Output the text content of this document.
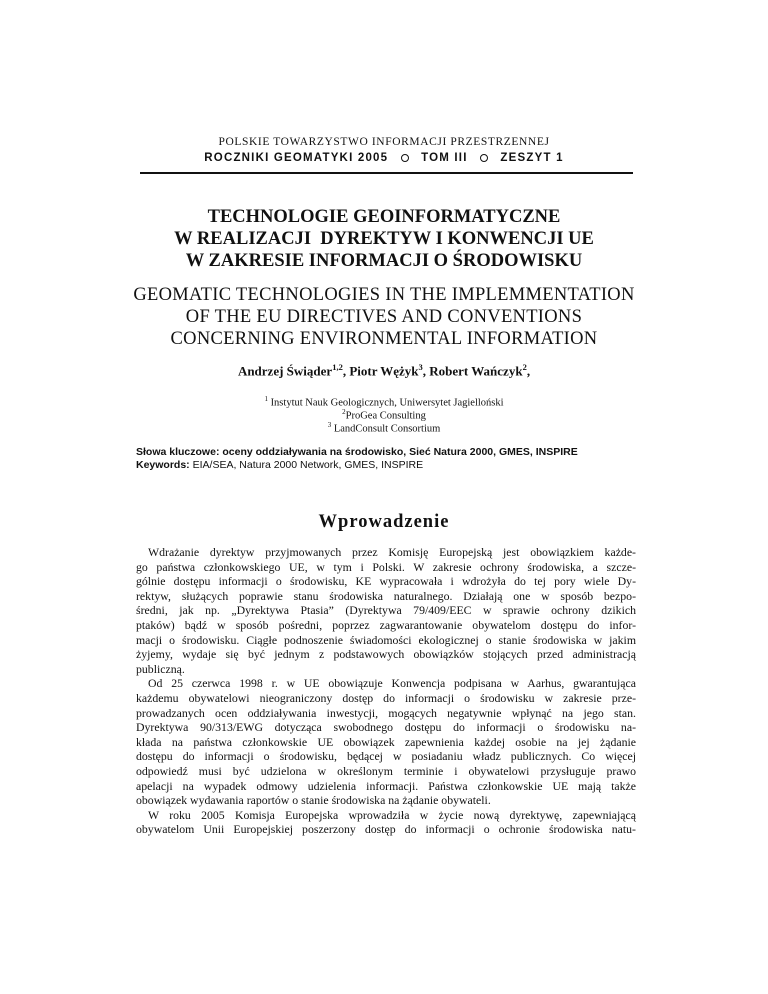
POLSKIE TOWARZYSTWO INFORMACJI PRZESTRZENNEJ
ROCZNIKI GEOMATYKI 2005	TOM III	ZESZYT 1
TECHNOLOGIE GEOINFORMATYCZNE
W REALIZACJI  DYREKTYW I KONWENCJI UE
W ZAKRESIE INFORMACJI O ŚRODOWISKU
GEOMATIC TECHNOLOGIES IN THE IMPLEMMENTATION
OF THE EU DIRECTIVES AND CONVENTIONS
CONCERNING ENVIRONMENTAL INFORMATION
Andrzej Świąder$^{1,2}$, Piotr Wężyk$^3$, Robert Wańczyk$^2$,
$^1$ Instytut Nauk Geologicznych, Uniwersytet Jagielloński
$^2$ProGea Consulting
$^3$ LandConsult Consortium
Słowa kluczowe: oceny oddziaływania na środowisko, Sieć Natura 2000, GMES, INSPIRE
Keywords: EIA/SEA, Natura 2000 Network, GMES, INSPIRE
Wprowadzenie
Wdrażanie dyrektyw przyjmowanych przez Komisję Europejską jest obowiązkiem każde-
go państwa członkowskiego UE, w tym i Polski. W zakresie ochrony środowiska, a szcze-
gólnie dostępu informacji o środowisku, KE wypracowała i wdrożyła do tej pory wiele Dy-
rektyw, służących poprawie stanu środowiska naturalnego. Działają one w sposób bezpo-
średni, jak np. „Dyrektywa Ptasia” (Dyrektywa 79/409/EEC w sprawie ochrony dzikich
ptaków) bądź w sposób pośredni, poprzez zagwarantowanie obywatelom dostępu do infor-
macji o środowisku. Ciągłe podnoszenie świadomości ekologicznej o stanie środowiska w jakim
żyjemy, wydaje się być jednym z podstawowych obowiązków stojących przed administracją
publiczną.
Od 25 czerwca 1998 r. w UE obowiązuje Konwencja podpisana w Aarhus, gwarantująca
każdemu obywatelowi nieograniczony dostęp do informacji o środowisku w zakresie prze-
prowadzanych ocen oddziaływania inwestycji, mogących negatywnie wpłynąć na jego stan.
Dyrektywa 90/313/EWG dotycząca swobodnego dostępu do informacji o środowisku na-
kłada na państwa członkowskie UE obowiązek zapewnienia każdej osobie na jej żądanie
dostępu do informacji o środowisku, będącej w posiadaniu władz publicznych. Co więcej
odpowiedź musi być udzielona w określonym terminie i obywatelowi przysługuje prawo
apelacji na wypadek odmowy udzielenia informacji. Państwa członkowskie UE mają także
obowiązek wydawania raportów o stanie środowiska na żądanie obywateli.
W roku 2005 Komisja Europejska wprowadziła w życie nową dyrektywę, zapewniającą
obywatelom Unii Europejskiej poszerzony dostęp do informacji o ochronie środowiska natu-
